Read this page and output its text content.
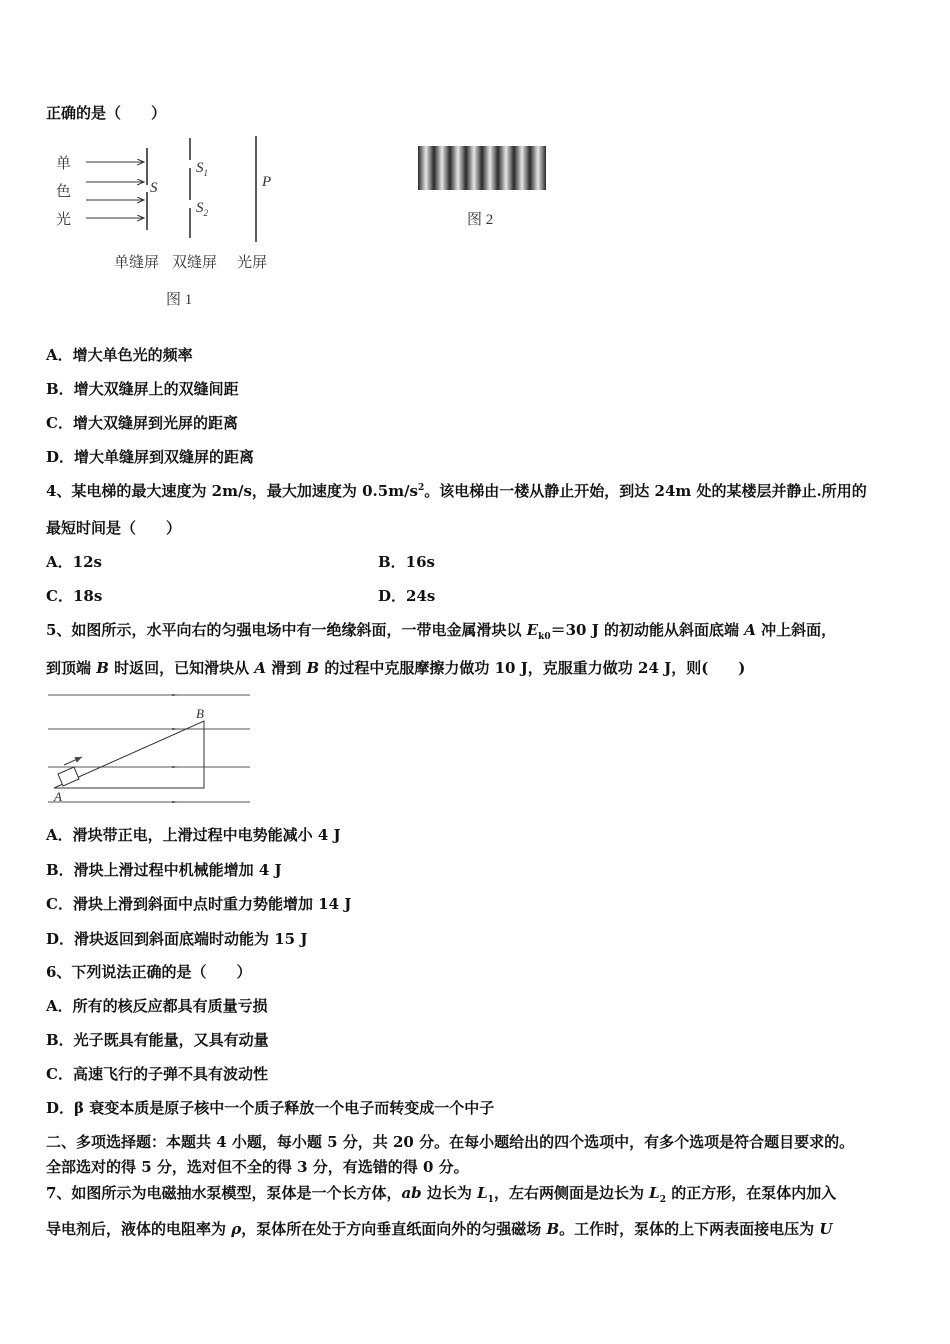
正确的是（　　）
单
色
光
S
$S_1$
$S_2$
P
单缝屏 双缝屏 光屏
图 1
图 2
A．增大单色光的频率
B．增大双缝屏上的双缝间距
C．增大双缝屏到光屏的距离
D．增大单缝屏到双缝屏的距离
4、某电梯的最大速度为 2m/s，最大加速度为 $0.5m/s^2$。该电梯由一楼从静止开始，到达 24m 处的某楼层并静止.所用的
最短时间是（　　）
A．12s	B．16s
C．18s	D．24s
5、如图所示，水平向右的匀强电场中有一绝缘斜面，一带电金属滑块以 $E_{k0}=30$ J 的初动能从斜面底端 A 冲上斜面，
到顶端 B 时返回，已知滑块从 A 滑到 B 的过程中克服摩擦力做功 10 J，克服重力做功 24 J，则(　　)
A
B
A．滑块带正电，上滑过程中电势能减小 4 J
B．滑块上滑过程中机械能增加 4 J
C．滑块上滑到斜面中点时重力势能增加 14 J
D．滑块返回到斜面底端时动能为 15 J
6、下列说法正确的是（　　）
A．所有的核反应都具有质量亏损
B．光子既具有能量，又具有动量
C．高速飞行的子弹不具有波动性
D．β 衰变本质是原子核中一个质子释放一个电子而转变成一个中子
二、多项选择题：本题共 4 小题，每小题 5 分，共 20 分。在每小题给出的四个选项中，有多个选项是符合题目要求的。
全部选对的得 5 分，选对但不全的得 3 分，有选错的得 0 分。
7、如图所示为电磁抽水泵模型，泵体是一个长方体，ab 边长为 $L_1$，左右两侧面是边长为 $L_2$ 的正方形，在泵体内加入
导电剂后，液体的电阻率为 ρ，泵体所在处于方向垂直纸面向外的匀强磁场 B。工作时，泵体的上下两表面接电压为 U
